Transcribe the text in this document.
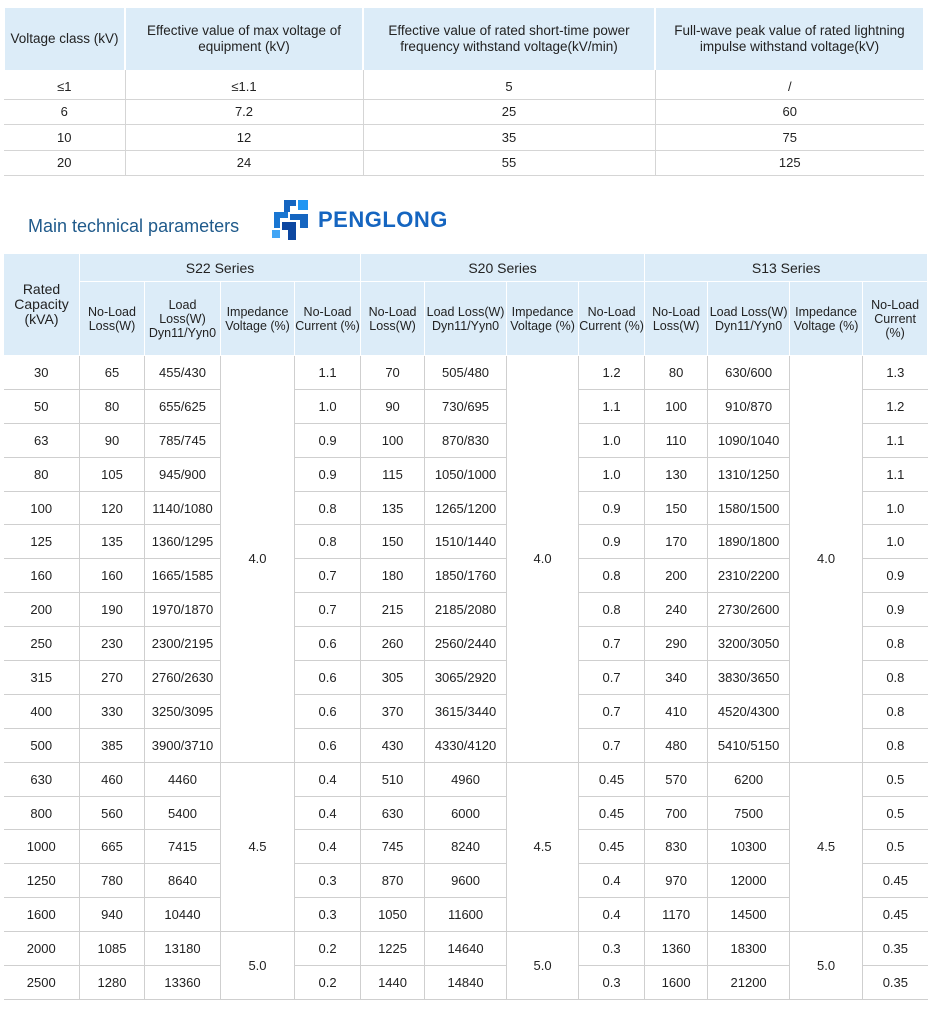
Voltage class (kV)	Effective value of max voltage of equipment (kV)	Effective value of rated short-time power frequency withstand voltage(kV/min)	Full-wave peak value of rated lightning impulse withstand voltage(kV)
≤1	≤1.1	5	/
6	7.2	25	60
10	12	35	75
20	24	55	125
Main technical parameters	PENGLONG
Rated Capacity (kVA)	S22 Series				S20 Series				S13 Series			
	No-Load Loss(W)	Load Loss(W) Dyn11/Yyn0	Impedance Voltage (%)	No-Load Current (%)	No-Load Loss(W)	Load Loss(W) Dyn11/Yyn0	Impedance Voltage (%)	No-Load Current (%)	No-Load Loss(W)	Load Loss(W) Dyn11/Yyn0	Impedance Voltage (%)	No-Load Current (%)
30	65	455/430	4.0	1.1	70	505/480	4.0	1.2	80	630/600	4.0	1.3
50	80	655/625		1.0	90	730/695		1.1	100	910/870		1.2
63	90	785/745		0.9	100	870/830		1.0	110	1090/1040		1.1
80	105	945/900		0.9	115	1050/1000		1.0	130	1310/1250		1.1
100	120	1140/1080		0.8	135	1265/1200		0.9	150	1580/1500		1.0
125	135	1360/1295		0.8	150	1510/1440		0.9	170	1890/1800		1.0
160	160	1665/1585		0.7	180	1850/1760		0.8	200	2310/2200		0.9
200	190	1970/1870		0.7	215	2185/2080		0.8	240	2730/2600		0.9
250	230	2300/2195		0.6	260	2560/2440		0.7	290	3200/3050		0.8
315	270	2760/2630		0.6	305	3065/2920		0.7	340	3830/3650		0.8
400	330	3250/3095		0.6	370	3615/3440		0.7	410	4520/4300		0.8
500	385	3900/3710		0.6	430	4330/4120		0.7	480	5410/5150		0.8
630	460	4460	4.5	0.4	510	4960	4.5	0.45	570	6200	4.5	0.5
800	560	5400		0.4	630	6000		0.45	700	7500		0.5
1000	665	7415		0.4	745	8240		0.45	830	10300		0.5
1250	780	8640		0.3	870	9600		0.4	970	12000		0.45
1600	940	10440		0.3	1050	11600		0.4	1170	14500		0.45
2000	1085	13180	5.0	0.2	1225	14640	5.0	0.3	1360	18300	5.0	0.35
2500	1280	13360		0.2	1440	14840		0.3	1600	21200		0.35
